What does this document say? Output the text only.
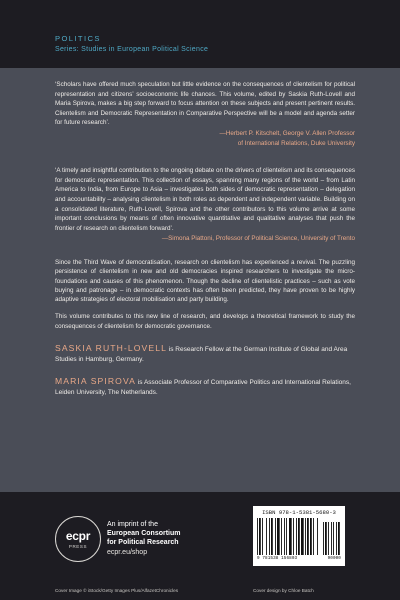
POLITICS
Series: Studies in European Political Science

‘Scholars have offered much speculation but little evidence on the consequences of clientelism for political representation and citizens’ socioeconomic life chances. This volume, edited by Saskia Ruth-Lovell and Maria Spirova, makes a big step forward to focus attention on these subjects and present pertinent results. Clientelism and Democratic Representation in Comparative Perspective will be a model and agenda setter for future research’.

—Herbert P. Kitschelt, George V. Allen Professor
of International Relations, Duke University

‘A timely and insightful contribution to the ongoing debate on the drivers of clientelism and its consequences for democratic representation. This collection of essays, spanning many regions of the world – from Latin America to India, from Europe to Asia – investigates both sides of democratic representation – delegation and accountability – analysing clientelism in both roles as dependent and independent variable. Building on a consolidated literature, Ruth-Lovell, Spirova and the other contributors to this volume arrive at some important conclusions by means of often innovative quantitative and qualitative analyses that push the frontier of research on clientelism forward’.

—Simona Piattoni, Professor of Political Science, University of Trento

Since the Third Wave of democratisation, research on clientelism has experienced a revival. The puzzling persistence of clientelism in new and old democracies inspired researchers to investigate the micro-foundations and causes of this phenomenon. Though the decline of clientelistic practices – such as vote buying and patronage – in democratic contexts has often been predicted, they have proven to be highly adaptive strategies of electoral mobilisation and party building.

This volume contributes to this new line of research, and develops a theoretical framework to study the consequences of clientelism for democratic governance.

SASKIA RUTH-LOVELL is Research Fellow at the German Institute of Global and Area Studies in Hamburg, Germany.

MARIA SPIROVA is Associate Professor of Comparative Politics and International Relations, Leiden University, The Netherlands.

ecpr
PRESS
An imprint of the
European Consortium
for Political Research
ecpr.eu/shop
ISBN 978-1-5381-5680-3
9 781538 156803	90000
Cover Image © iStock/Getty Images Plus/AlfazetChronicles	Cover design by Chloe Batch
